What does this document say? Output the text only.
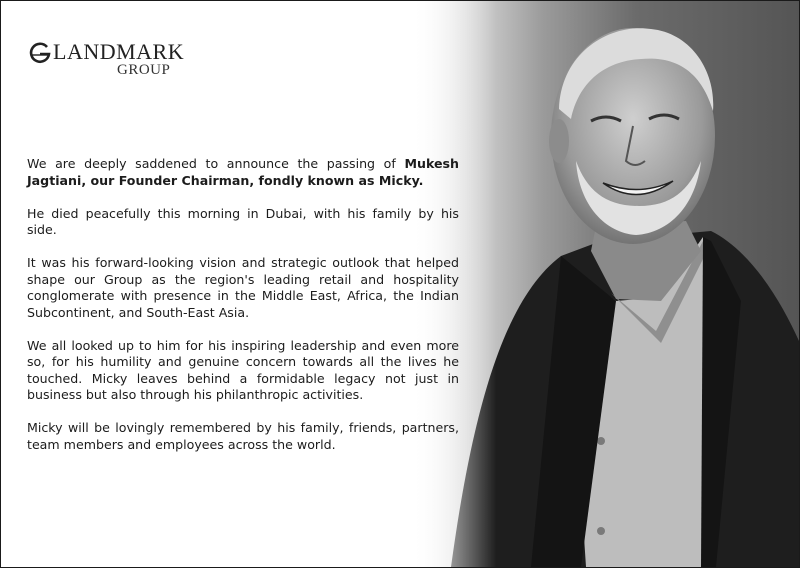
LANDMARK
GROUP

We are deeply saddened to announce the passing of Mukesh Jagtiani, our Founder Chairman, fondly known as Micky.

He died peacefully this morning in Dubai, with his family by his side.

It was his forward-looking vision and strategic outlook that helped shape our Group as the region's leading retail and hospitality conglomerate with presence in the Middle East, Africa, the Indian Subcontinent, and South-East Asia.

We all looked up to him for his inspiring leadership and even more so, for his humility and genuine concern towards all the lives he touched. Micky leaves behind a formidable legacy not just in business but also through his philanthropic activities.

Micky will be lovingly remembered by his family, friends, partners, team members and employees across the world.
